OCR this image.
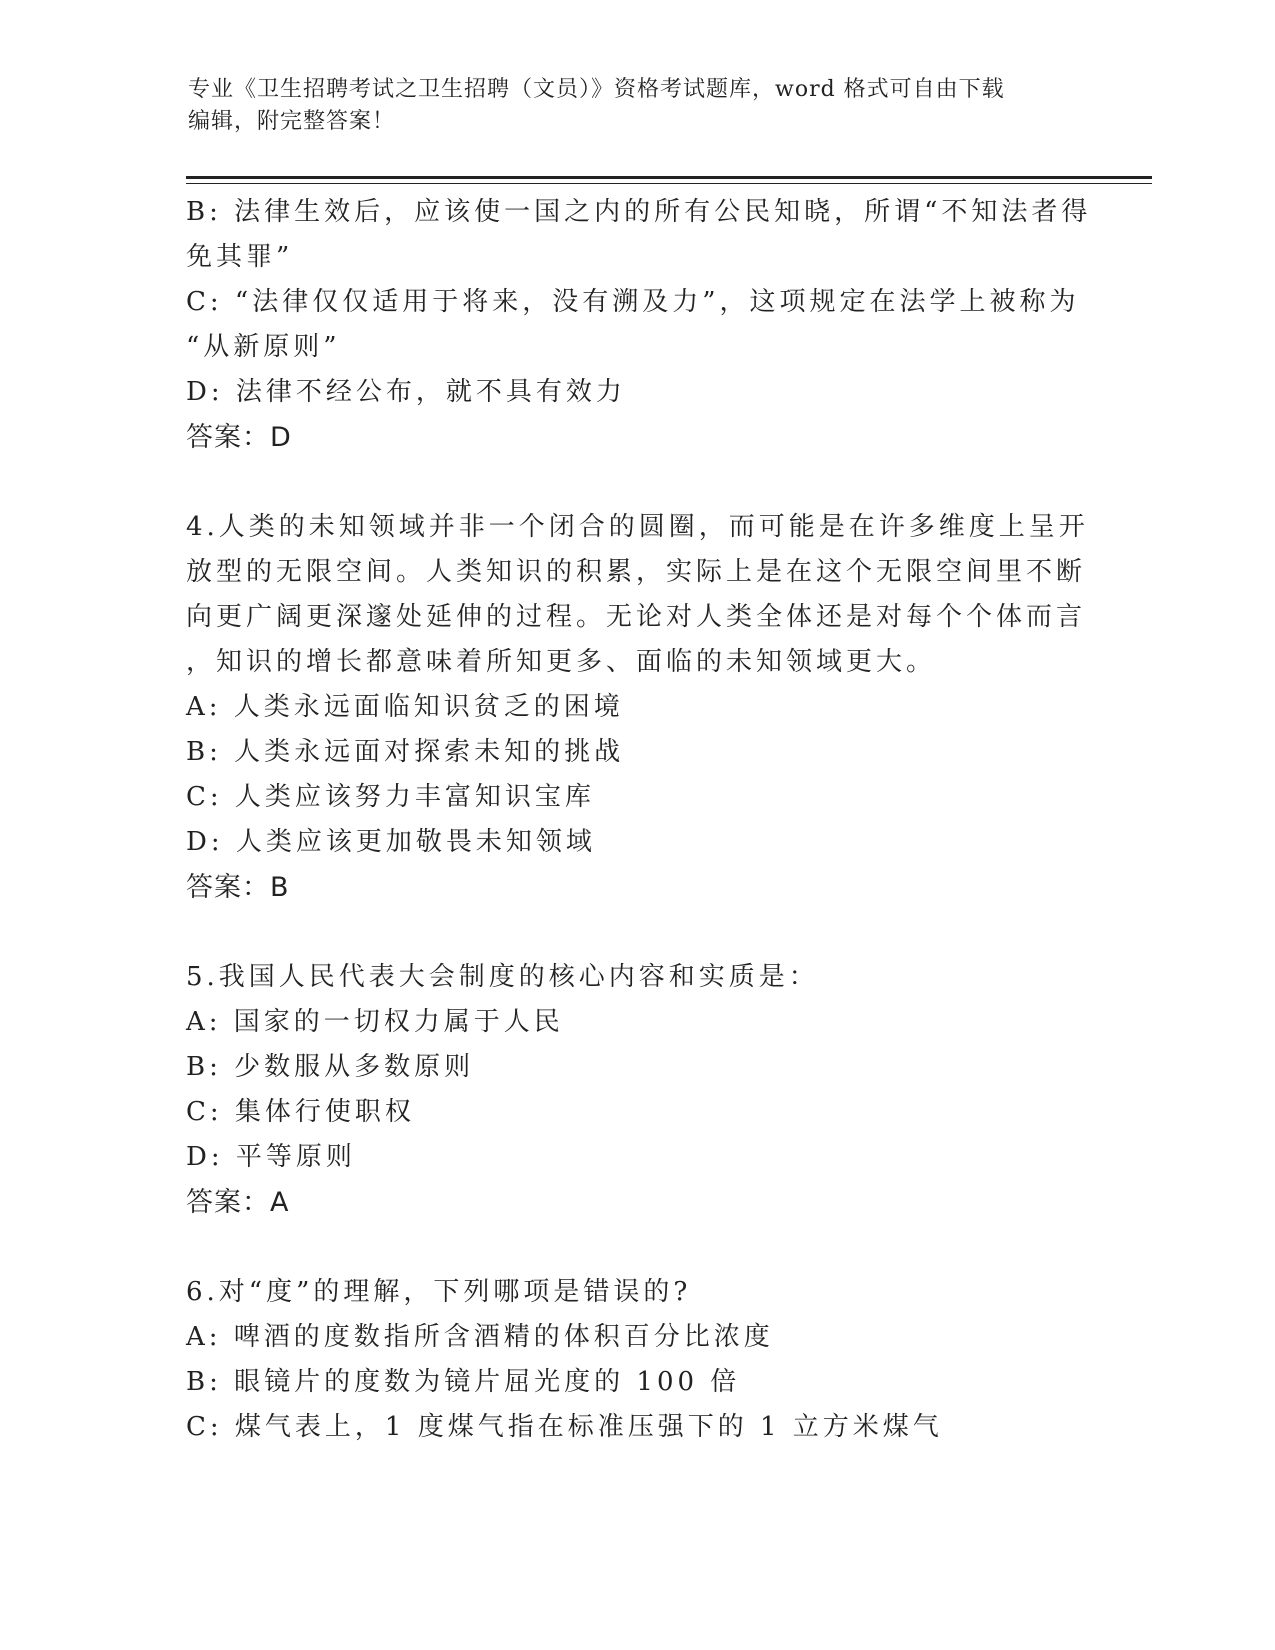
专业《卫生招聘考试之卫生招聘（文员）》资格考试题库，word 格式可自由下载
编辑，附完整答案！
B: 法律生效后，应该使一国之内的所有公民知晓，所谓“不知法者得
免其罪”
C: “法律仅仅适用于将来，没有溯及力”，这项规定在法学上被称为
“从新原则”
D: 法律不经公布，就不具有效力
答案：D
4.人类的未知领域并非一个闭合的圆圈，而可能是在许多维度上呈开
放型的无限空间。人类知识的积累，实际上是在这个无限空间里不断
向更广阔更深邃处延伸的过程。无论对人类全体还是对每个个体而言
，知识的增长都意味着所知更多、面临的未知领域更大。
A: 人类永远面临知识贫乏的困境
B: 人类永远面对探索未知的挑战
C: 人类应该努力丰富知识宝库
D: 人类应该更加敬畏未知领域
答案：B
5.我国人民代表大会制度的核心内容和实质是：
A: 国家的一切权力属于人民
B: 少数服从多数原则
C: 集体行使职权
D: 平等原则
答案：A
6.对“度”的理解，下列哪项是错误的?
A: 啤酒的度数指所含酒精的体积百分比浓度
B: 眼镜片的度数为镜片屈光度的 100 倍
C: 煤气表上，1 度煤气指在标准压强下的 1 立方米煤气
